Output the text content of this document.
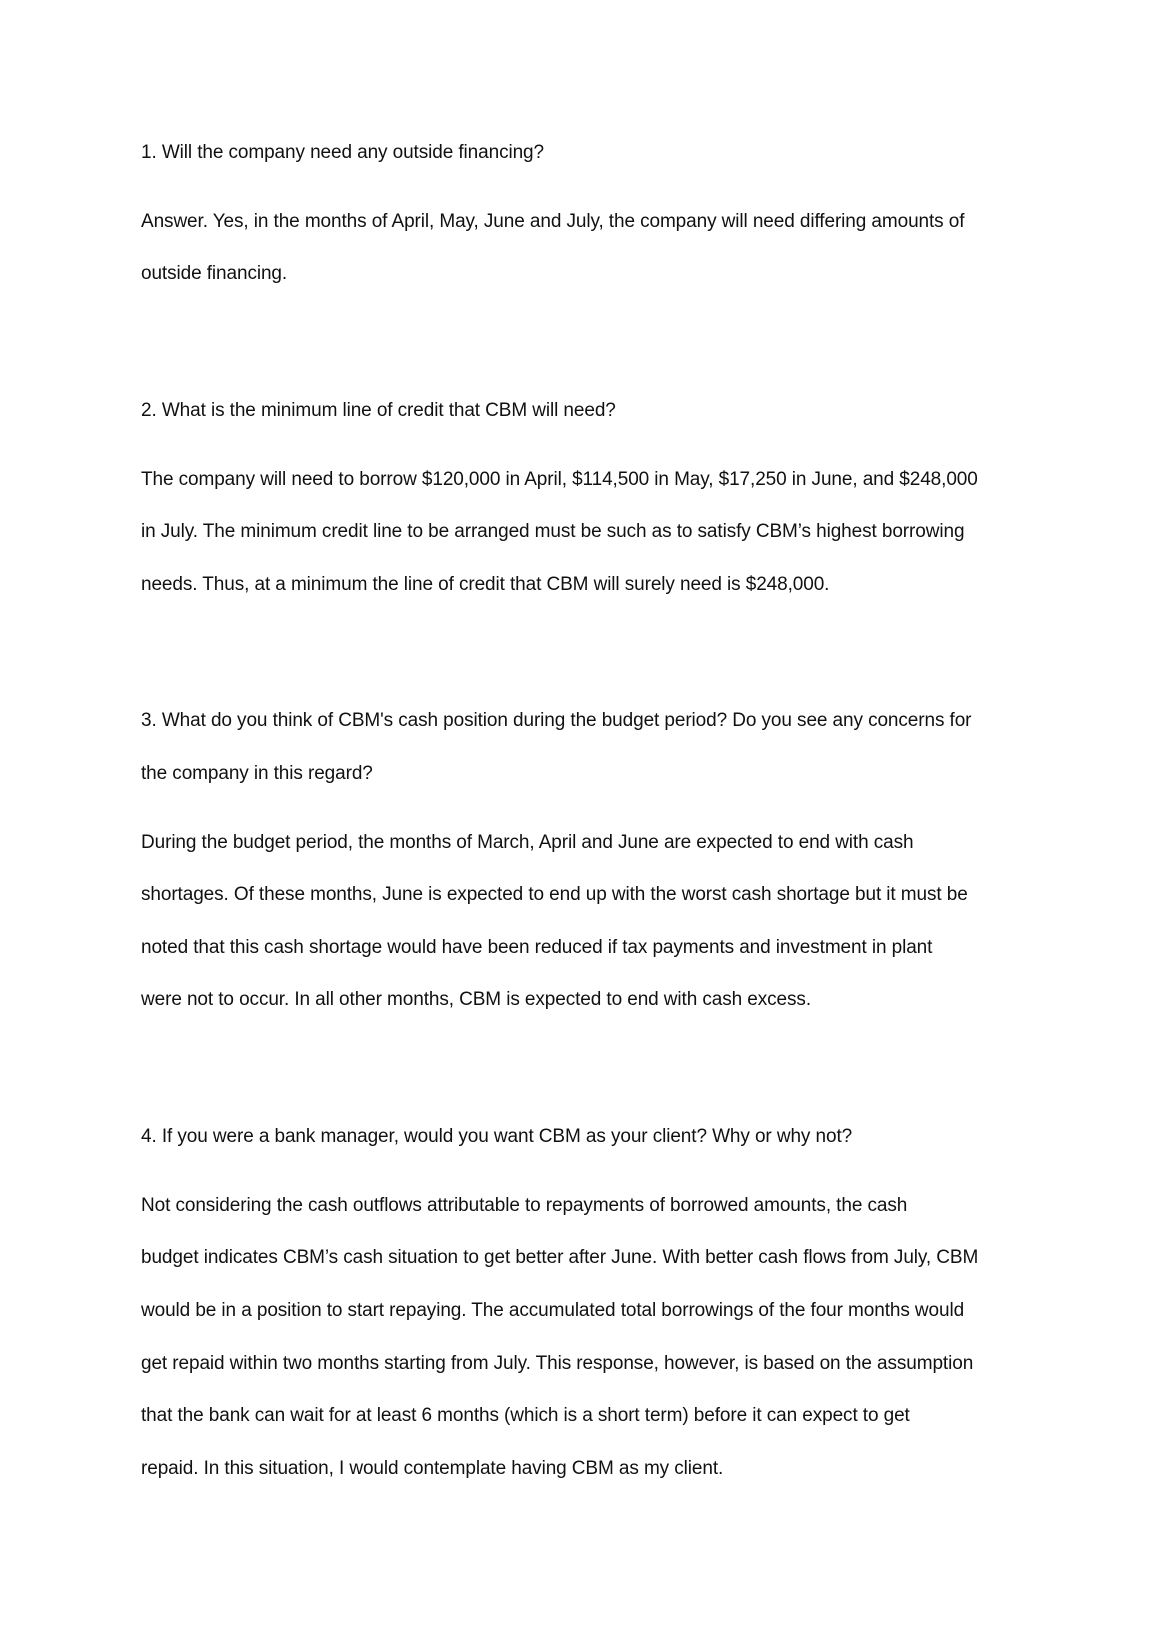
1. Will the company need any outside financing?

Answer. Yes, in the months of April, May, June and July, the company will need differing amounts of

outside financing.

2. What is the minimum line of credit that CBM will need?

The company will need to borrow $120,000 in April, $114,500 in May, $17,250 in June, and $248,000

in July. The minimum credit line to be arranged must be such as to satisfy CBM’s highest borrowing

needs. Thus, at a minimum the line of credit that CBM will surely need is $248,000.

3. What do you think of CBM's cash position during the budget period? Do you see any concerns for

the company in this regard?

During the budget period, the months of March, April and June are expected to end with cash

shortages. Of these months, June is expected to end up with the worst cash shortage but it must be

noted that this cash shortage would have been reduced if tax payments and investment in plant

were not to occur. In all other months, CBM is expected to end with cash excess.

4. If you were a bank manager, would you want CBM as your client? Why or why not?

Not considering the cash outflows attributable to repayments of borrowed amounts, the cash

budget indicates CBM’s cash situation to get better after June. With better cash flows from July, CBM

would be in a position to start repaying. The accumulated total borrowings of the four months would

get repaid within two months starting from July. This response, however, is based on the assumption

that the bank can wait for at least 6 months (which is a short term) before it can expect to get

repaid. In this situation, I would contemplate having CBM as my client.
